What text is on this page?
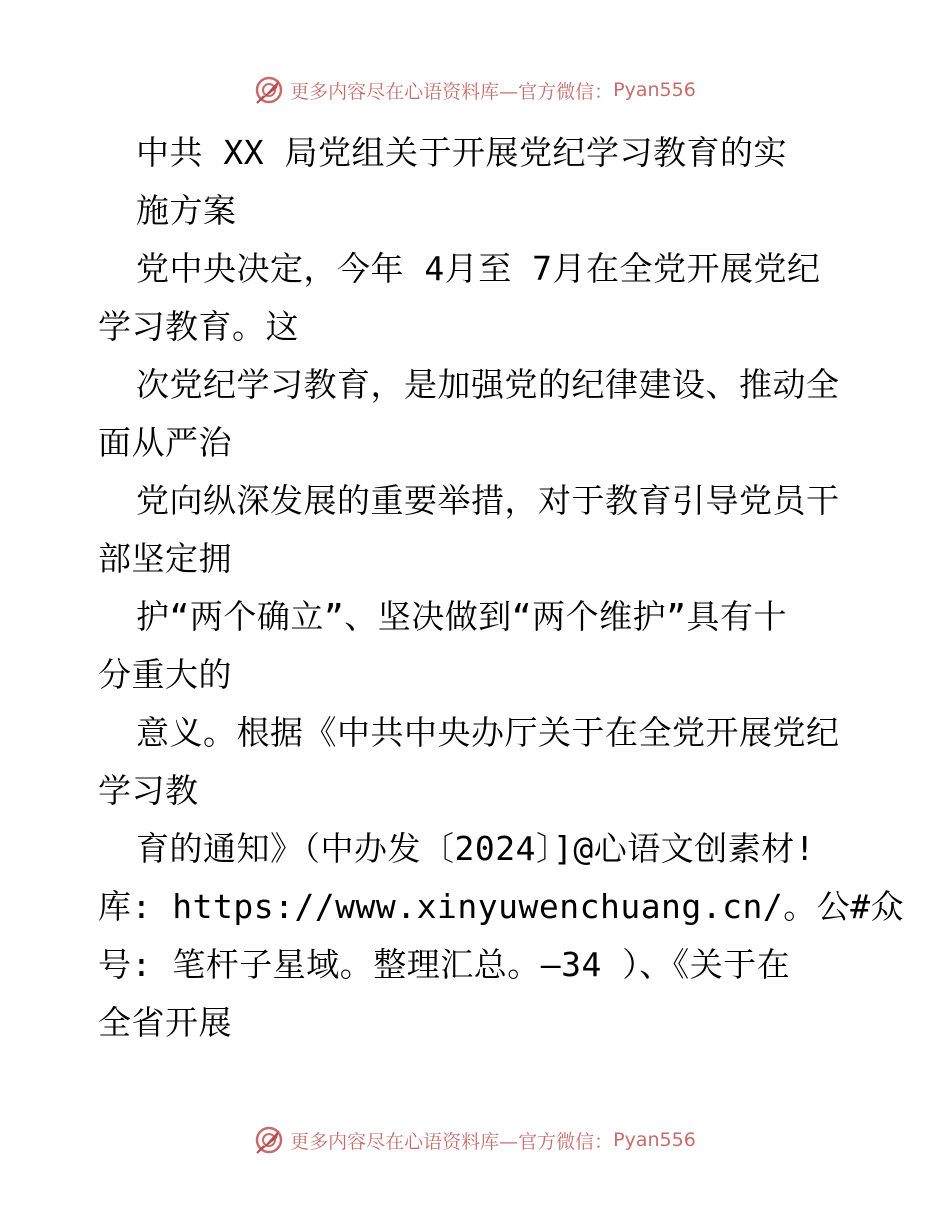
更多内容尽在心语资料库—官方微信： Pyan556
中共 XX 局党组关于开展党纪学习教育的实
施方案
党中央决定，今年 4月至 7月在全党开展党纪
学习教育。这
次党纪学习教育，是加强党的纪律建设、推动全
面从严治
党向纵深发展的重要举措，对于教育引导党员干
部坚定拥
护“两个确立”、坚决做到“两个维护”具有十
分重大的
意义。根据《中共中央办厅关于在全党开展党纪
学习教
育的通知》（中办发〔2024〕]@心语文创素材!
库: https://www.xinyuwenchuang.cn/。公#众
号: 笔杆子星域。整理汇总。—34 ）、《关于在
全省开展
更多内容尽在心语资料库—官方微信： Pyan556
